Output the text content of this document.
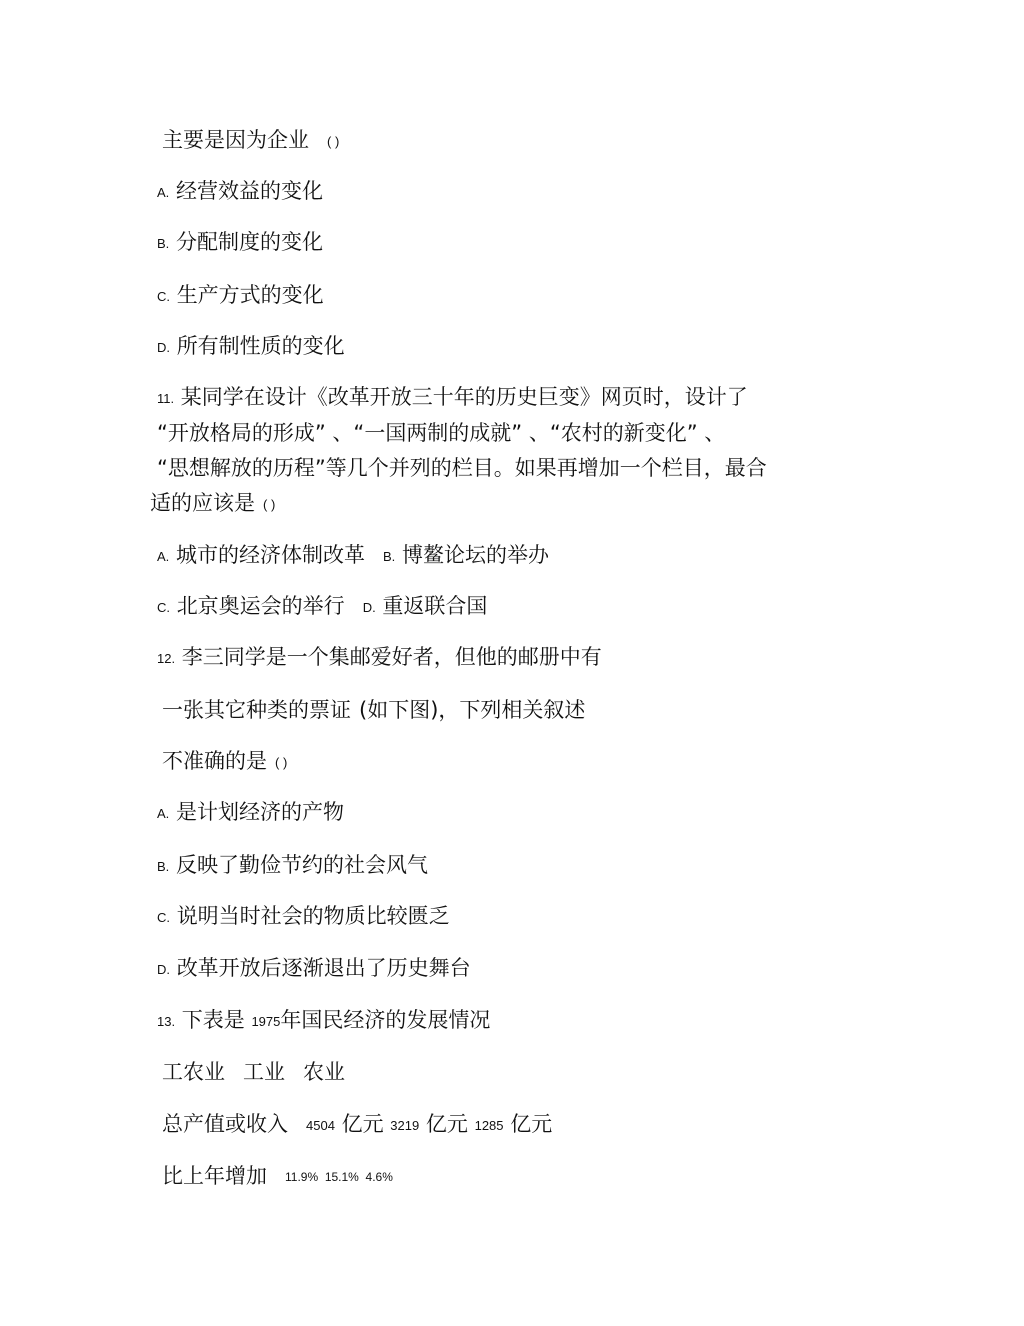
主要是因为企业 ( )
A. 经营效益的变化
B. 分配制度的变化
C. 生产方式的变化
D. 所有制性质的变化
11. 某同学在设计《改革开放三十年的历史巨变》网页时，设计了
“开放格局的形成” 、“一国两制的成就” 、“农村的新变化” 、
“思想解放的历程”等几个并列的栏目。如果再增加一个栏目，最合
适的应该是 ( )
A. 城市的经济体制改革 B. 博鳌论坛的举办
C. 北京奥运会的举行 D. 重返联合国
12. 李三同学是一个集邮爱好者，但他的邮册中有
一张其它种类的票证 (如下图)，下列相关叙述
不准确的是 ( )
A. 是计划经济的产物
B. 反映了勤俭节约的社会风气
C. 说明当时社会的物质比较匮乏
D. 改革开放后逐渐退出了历史舞台
13. 下表是 1975年国民经济的发展情况
工农业 工业 农业
总产值或收入 4504 亿元 3219 亿元 1285 亿元
比上年增加 11.9% 15.1% 4.6%
